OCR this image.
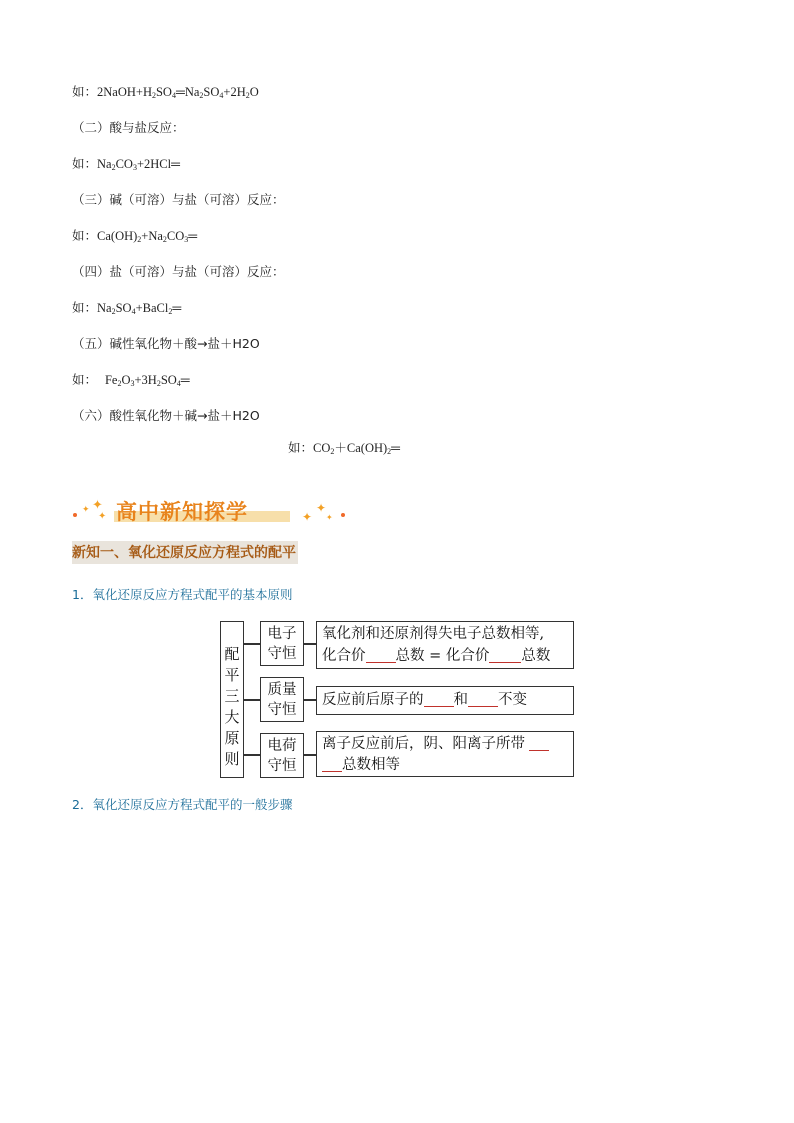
如：$2NaOH+H_2SO_4═Na_2SO_4+2H_2O$
（二）酸与盐反应：
如：$Na_2CO_3+2HCl═$
（三）碱（可溶）与盐（可溶）反应：
如：$Ca(OH)_2+Na_2CO_3═$
（四）盐（可溶）与盐（可溶）反应：
如：$Na_2SO_4+BaCl_2═$
（五）碱性氧化物＋酸→盐＋H2O
如：  $Fe_2O_3+3H_2SO_4═$
（六）酸性氧化物＋碱→盐＋H2O
如：$CO_2+Ca(OH)_2═$
✦ ✦
✦ 高中新知探学	✦
✦
✦
新知一、氧化还原反应方程式的配平
1．氧化还原反应方程式配平的基本原则
配
平
三
大
原
则
电子
守恒
质量
守恒
电荷
守恒
氧化剂和还原剂得失电子总数相等,
化合价 总数 = 化合价 总数
反应前后原子的 和 不变
离子反应前后，阴、阳离子所带
总数相等
2．氧化还原反应方程式配平的一般步骤
